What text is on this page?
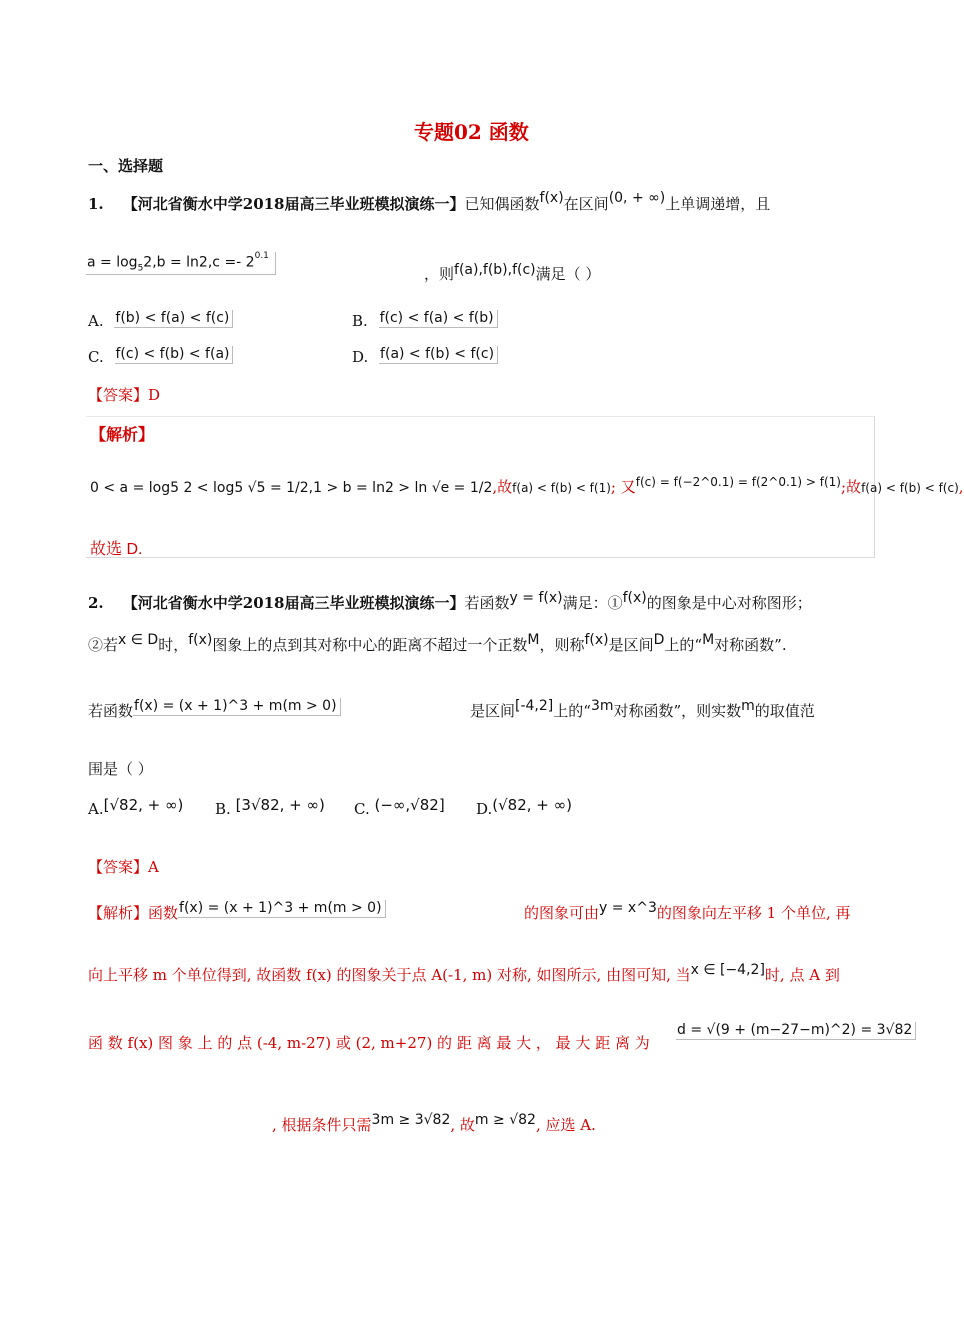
专题02 函数
一、选择题
1. 【河北省衡水中学2018届高三毕业班模拟演练一】已知偶函数f(x)在区间(0, + ∞)上单调递增，且
$a = \log_52,b = \ln 2,c =- 2^{0.1}$
，则f(a),f(b),f(c)满足（ ）
A. f(b) < f(a) < f(c)	B. f(c) < f(a) < f(b)
C. f(c) < f(b) < f(a)	D. f(a) < f(b) < f(c)
【答案】D
【解析】
0 < a = log5 2 < log5 √5 = 1/2,1 > b = ln2 > ln √e = 1/2,故f(a) < f(b) < f(1); 又$^{f(c) = f(-2\^{}0.1) = f(2\^{}0.1) > f(1)}$;故f(a) < f(b) < f(c),
故选 D.
2. 【河北省衡水中学2018届高三毕业班模拟演练一】若函数y = f(x)满足：①f(x)的图象是中心对称图形；
②若x ∈ D时，f(x)图象上的点到其对称中心的距离不超过一个正数M，则称f(x)是区间D上的“M对称函数”.
若函数f(x) = (x + 1)^3 + m(m > 0)	是区间[-4,2]上的“3m对称函数”，则实数m的取值范
围是（ ）
A.[√82, + ∞) B. [3√82, + ∞) C. (−∞,√82] D.(√82, + ∞)
【答案】A
【解析】函数f(x) = (x + 1)^3 + m(m > 0)	的图象可由y = x^3的图象向左平移 1 个单位, 再
向上平移 m 个单位得到, 故函数 f(x) 的图象关于点 A(-1, m) 对称, 如图所示, 由图可知, 当x ∈ [−4,2]时, 点 A 到
函 数 f(x) 图 象 上 的 点 (-4, m-27) 或 (2, m+27) 的 距 离 最 大 ， 最 大 距 离 为
d = √(9 + (m−27−m)^2) = 3√82
, 根据条件只需3m ≥ 3√82, 故m ≥ √82, 应选 A.
